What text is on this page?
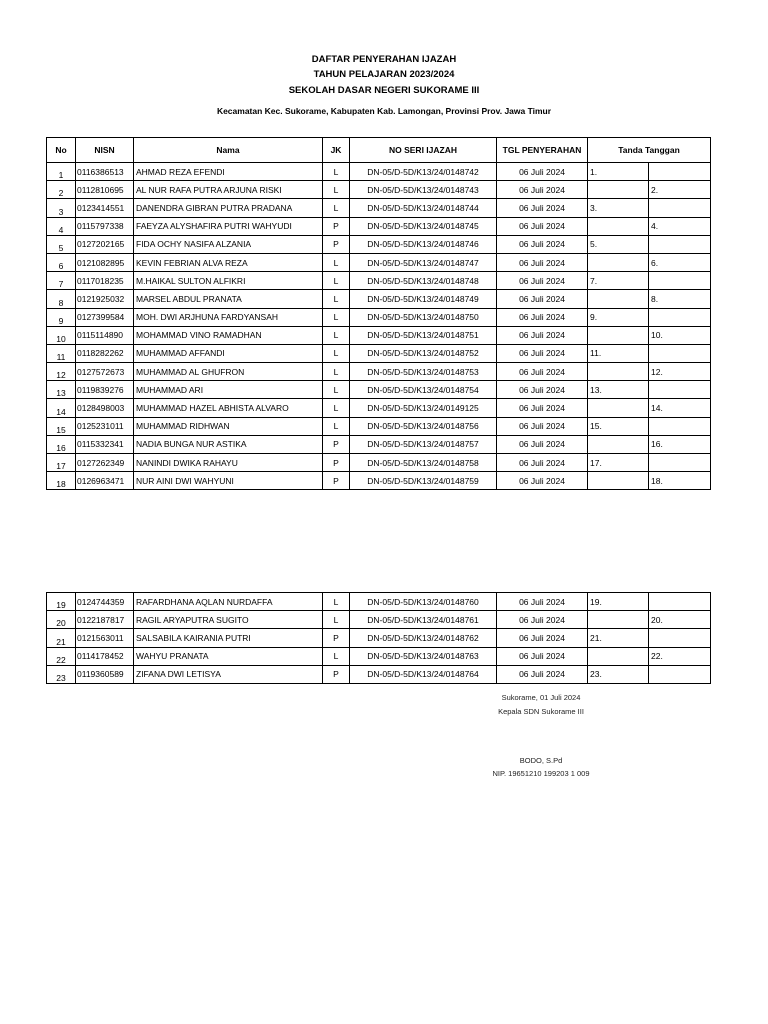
DAFTAR PENYERAHAN IJAZAH
TAHUN PELAJARAN 2023/2024
SEKOLAH DASAR NEGERI SUKORAME III
Kecamatan Kec. Sukorame, Kabupaten Kab. Lamongan, Provinsi Prov. Jawa Timur
No	NISN	Nama	JK	NO SERI IJAZAH	TGL PENYERAHAN	Tanda Tanggan	
1	0116386513	AHMAD REZA EFENDI	L	DN-05/D-5D/K13/24/0148742	06 Juli 2024	1.	
2	0112810695	AL NUR RAFA PUTRA ARJUNA RISKI	L	DN-05/D-5D/K13/24/0148743	06 Juli 2024		2.
3	0123414551	DANENDRA GIBRAN PUTRA PRADANA	L	DN-05/D-5D/K13/24/0148744	06 Juli 2024	3.	
4	0115797338	FAEYZA ALYSHAFIRA PUTRI WAHYUDI	P	DN-05/D-5D/K13/24/0148745	06 Juli 2024		4.
5	0127202165	FIDA OCHY NASIFA ALZANIA	P	DN-05/D-5D/K13/24/0148746	06 Juli 2024	5.	
6	0121082895	KEVIN FEBRIAN ALVA REZA	L	DN-05/D-5D/K13/24/0148747	06 Juli 2024		6.
7	0117018235	M.HAIKAL SULTON ALFIKRI	L	DN-05/D-5D/K13/24/0148748	06 Juli 2024	7.	
8	0121925032	MARSEL ABDUL PRANATA	L	DN-05/D-5D/K13/24/0148749	06 Juli 2024		8.
9	0127399584	MOH. DWI ARJHUNA FARDYANSAH	L	DN-05/D-5D/K13/24/0148750	06 Juli 2024	9.	
10	0115114890	MOHAMMAD VINO RAMADHAN	L	DN-05/D-5D/K13/24/0148751	06 Juli 2024		10.
11	0118282262	MUHAMMAD AFFANDI	L	DN-05/D-5D/K13/24/0148752	06 Juli 2024	11.	
12	0127572673	MUHAMMAD AL GHUFRON	L	DN-05/D-5D/K13/24/0148753	06 Juli 2024		12.
13	0119839276	MUHAMMAD ARI	L	DN-05/D-5D/K13/24/0148754	06 Juli 2024	13.	
14	0128498003	MUHAMMAD HAZEL ABHISTA ALVARO	L	DN-05/D-5D/K13/24/0149125	06 Juli 2024		14.
15	0125231011	MUHAMMAD RIDHWAN	L	DN-05/D-5D/K13/24/0148756	06 Juli 2024	15.	
16	0115332341	NADIA BUNGA NUR ASTIKA	P	DN-05/D-5D/K13/24/0148757	06 Juli 2024		16.
17	0127262349	NANINDI DWIKA RAHAYU	P	DN-05/D-5D/K13/24/0148758	06 Juli 2024	17.	
18	0126963471	NUR AINI DWI WAHYUNI	P	DN-05/D-5D/K13/24/0148759	06 Juli 2024		18.
19	0124744359	RAFARDHANA AQLAN NURDAFFA	L	DN-05/D-5D/K13/24/0148760	06 Juli 2024	19.	
20	0122187817	RAGIL ARYAPUTRA SUGITO	L	DN-05/D-5D/K13/24/0148761	06 Juli 2024		20.
21	0121563011	SALSABILA KAIRANIA PUTRI	P	DN-05/D-5D/K13/24/0148762	06 Juli 2024	21.	
22	0114178452	WAHYU PRANATA	L	DN-05/D-5D/K13/24/0148763	06 Juli 2024		22.
23	0119360589	ZIFANA DWI LETISYA	P	DN-05/D-5D/K13/24/0148764	06 Juli 2024	23.	
Sukorame, 01 Juli 2024
Kepala SDN Sukorame III
BODO, S.Pd
NIP. 19651210 199203 1 009
